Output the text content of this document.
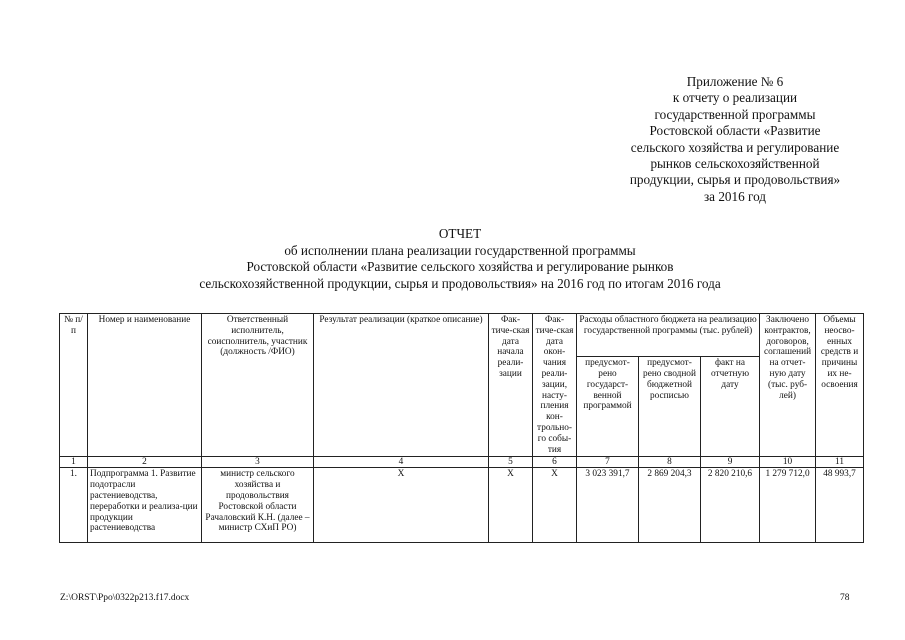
Приложение № 6
к отчету о реализации
государственной программы
Ростовской области «Развитие
сельского хозяйства и регулирование
рынков сельскохозяйственной
продукции, сырья и продовольствия»
за 2016 год
ОТЧЕТ
об исполнении плана реализации государственной программы
Ростовской области «Развитие сельского хозяйства и регулирование рынков
сельскохозяйственной продукции, сырья и продовольствия» на 2016 год по итогам 2016 года
№ п/п	Номер и наименование	Ответственный исполнитель, соисполнитель, участник (должность /ФИО)	Результат реализации (краткое описание)	Фак-тиче-ская дата начала реали-зации	Фак-тиче-ская дата окон-чания реали-зации, насту-пления кон-трольно-го собы-тия	Расходы областного бюджета на реализацию государственной программы (тыс. рублей)			Заключено контрактов, договоров, соглашений на отчет-ную дату (тыс. руб-лей)	Объемы неосво-енных средств и причины их не-освоения
						предусмот-рено государст-венной программой	предусмот-рено сводной бюджетной росписью	факт на отчетную дату		
1	2	3	4	5	6	7	8	9	10	11
1.	Подпрограмма 1. Развитие подотрасли растениеводства, переработки и реализа-ции продукции растениеводства	министр сельского хозяйства и продовольствия Ростовской области Рачаловский К.Н. (далее – министр СХиП РО)	Х	Х	Х	3 023 391,7	2 869 204,3	2 820 210,6	1 279 712,0	48 993,7
Z:\ORST\Ppo\0322p213.f17.docx	78
